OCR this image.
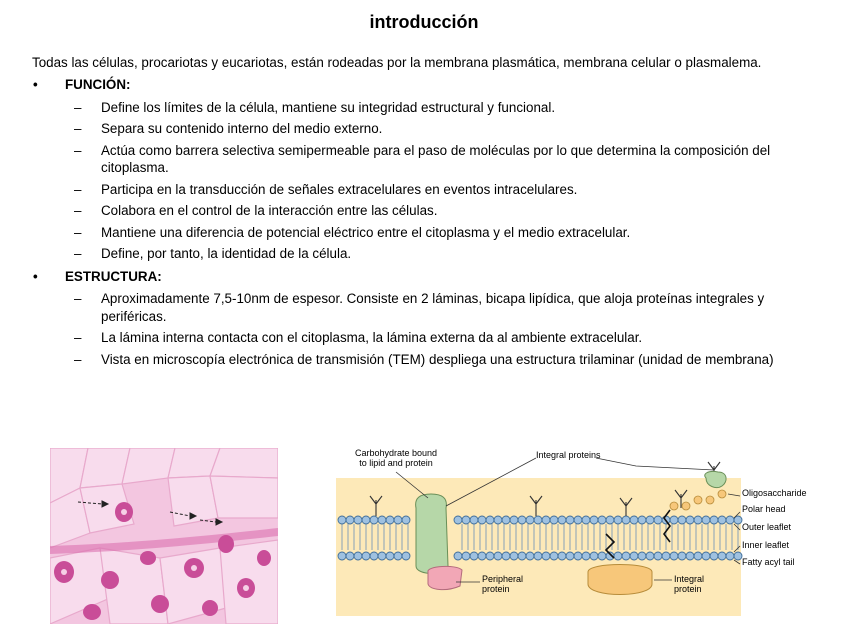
introducción

Todas las células, procariotas y eucariotas, están rodeadas por la membrana plasmática, membrana celular o plasmalema.

• FUNCIÓN:
– Define los límites de la célula, mantiene su integridad estructural y funcional.
– Separa su contenido interno del medio externo.
– Actúa como barrera selectiva semipermeable para el paso de moléculas por lo que determina la composición del citoplasma.
– Participa en la transducción de señales extracelulares en eventos intracelulares.
– Colabora en el control de la interacción entre las células.
– Mantiene una diferencia de potencial eléctrico entre el citoplasma y el medio extracelular.
– Define, por tanto, la identidad de la célula.
• ESTRUCTURA:
– Aproximadamente 7,5-10nm de espesor. Consiste en 2 láminas, bicapa lipídica, que aloja proteínas integrales y periféricas.
– La lámina interna contacta con el citoplasma, la lámina externa da al ambiente extracelular.
– Vista en microscopía electrónica de transmisión (TEM) despliega una estructura trilaminar (unidad de membrana)
Carbohydrate bound
to lipid and protein
Integral proteins
Oligosaccharide
Polar head
Outer leaflet
Inner leaflet
Fatty acyl tail
Peripheral
protein
Integral
protein
